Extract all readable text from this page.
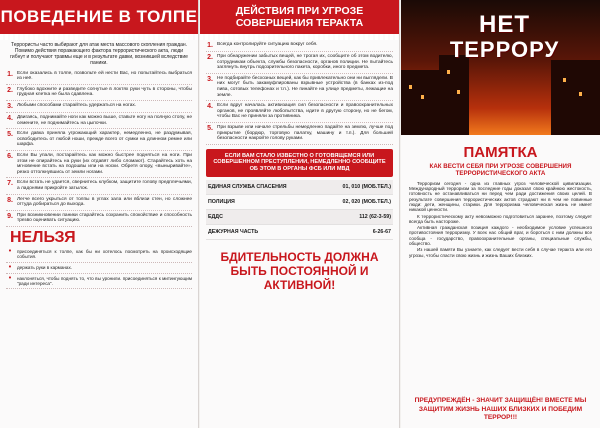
ПОВЕДЕНИЕ В ТОЛПЕ

Террористы часто выбирают для атак места массового скопления граждан. Помимо действия поражающего фактора террористического акта, люди гибнут и получают травмы еще и в результате давки, возникшей вследствие паники.

1. Если оказались в толпе, позвольте ей нести Вас, но попытайтесь выбраться из неё.
2. Глубоко вдохните и разведите согнутые в локтях руки чуть в стороны, чтобы грудная клетка не была сдавлена.
3. Любыми способами старайтесь удержаться на ногах.
4. Двигаясь, поднимайте ноги как можно выше, ставьте ногу на полную стопу, не семените, не поднимайтесь на цыпочки.
5. Если давка приняла угрожающий характер, немедленно, не раздумывая, освободитесь от любой ноши, прежде всего от сумки на длинном ремне или шарфа.
6. Если Вы упали, постарайтесь как можно быстрее подняться на ноги. При этом не опирайтесь на руки (их отдавят либо сломают). Старайтесь хоть на мгновение встать на подошвы или на носки. Обретя опору, «выныривайте», резко оттолкнувшись от земли ногами.
7. Если встать не удается, свернитесь клубком, защитите голову предплечьями, а ладонями прикройте затылок.
8. Легче всего укрыться от толпы в углах зала или вблизи стен, но сложнее оттуда добираться до выхода.
9. При возникновении паники старайтесь сохранить спокойствие и способность трезво оценивать ситуацию.
НЕЛЬЗЯ
•	присоединяться к толпе, как бы ни хотелось посмотреть на происходящие события.
•	держать руки в карманах.
•	наклоняться, чтобы поднять то, что вы уронили. присоединяться к митингующим "ради интереса".
ДЕЙСТВИЯ ПРИ УГРОЗЕ СОВЕРШЕНИЯ ТЕРАКТА
1. Всегда контролируйте ситуацию вокруг себя.
2. При обнаружении забытых вещей, не трогая их, сообщите об этом водителю, сотрудникам объекта, службы безопасности, органов полиции. Не пытайтесь заглянуть внутрь подозрительного пакета, коробки, иного предмета.
3. Не подбирайте бесхозных вещей, как бы привлекательно они ни выглядели. В них могут быть закамуфлированы взрывные устройства (в банках из-под пива, сотовых телефонах и т.п.). Не пинайте на улице предметы, лежащие на земле.
4. Если вдруг началась активизация сил безопасности и правоохранительных органов, не проявляйте любопытства, идите в другую сторону, но не бегом, чтобы Вас не приняли за противника.
5. При взрыве или начале стрельбы немедленно падайте на землю, лучше под прикрытие (бордюр, торговую палатку, машину и т.п.). Для большей безопасности накройте голову руками.
ЕСЛИ ВАМ СТАЛО ИЗВЕСТНО О ГОТОВЯЩЕМСЯ ИЛИ СОВЕРШЕННОМ ПРЕСТУПЛЕНИИ, НЕМЕДЛЕННО СООБЩИТЕ ОБ ЭТОМ В ОРГАНЫ ФСБ ИЛИ МВД
ЕДИНАЯ СЛУЖБА СПАСЕНИЯ	01, 010 (МОБ.ТЕЛ.)
ПОЛИЦИЯ	02, 020 (МОБ.ТЕЛ.)
ЕДДС	112 (62-3-59)
ДЕЖУРНАЯ ЧАСТЬ	6-26-67
БДИТЕЛЬНОСТЬ ДОЛЖНА БЫТЬ ПОСТОЯННОЙ И АКТИВНОЙ!
НЕТ
ТЕРРОРУ
ПАМЯТКА
КАК ВЕСТИ СЕБЯ ПРИ УГРОЗЕ СОВЕРШЕНИЯ ТЕРРОРИСТИЧЕСКОГО АКТА

Терроризм сегодня - одна из главных угроз человеческой цивилизации. Международный терроризм за последние годы доказал свою крайнюю жестокость, готовность не останавливаться ни перед чем ради достижения своих целей. В результате совершения террористических актов страдают ни в чем не повинные люди: дети, женщины, старики. Для терроризма человеческая жизнь не имеет никакой ценности.

К террористическому акту невозможно подготовиться заранее, поэтому следует всегда быть настороже.

Активная гражданская позиция каждого - необходимое условие успешного противостояния терроризму. У всех нас общий враг, и бороться с ним должны все сообща - государство, правоохранительные органы, специальные службы, общество.

Из нашей памяти Вы узнаете, как следует вести себя в случае теракта или его угрозы, чтобы спасти свою жизнь и жизнь Ваших близких.

ПРЕДУПРЕЖДЁН - ЗНАЧИТ ЗАЩИЩЁН! ВМЕСТЕ МЫ ЗАЩИТИМ ЖИЗНЬ НАШИХ БЛИЗКИХ И ПОБЕДИМ ТЕРРОР!!!
